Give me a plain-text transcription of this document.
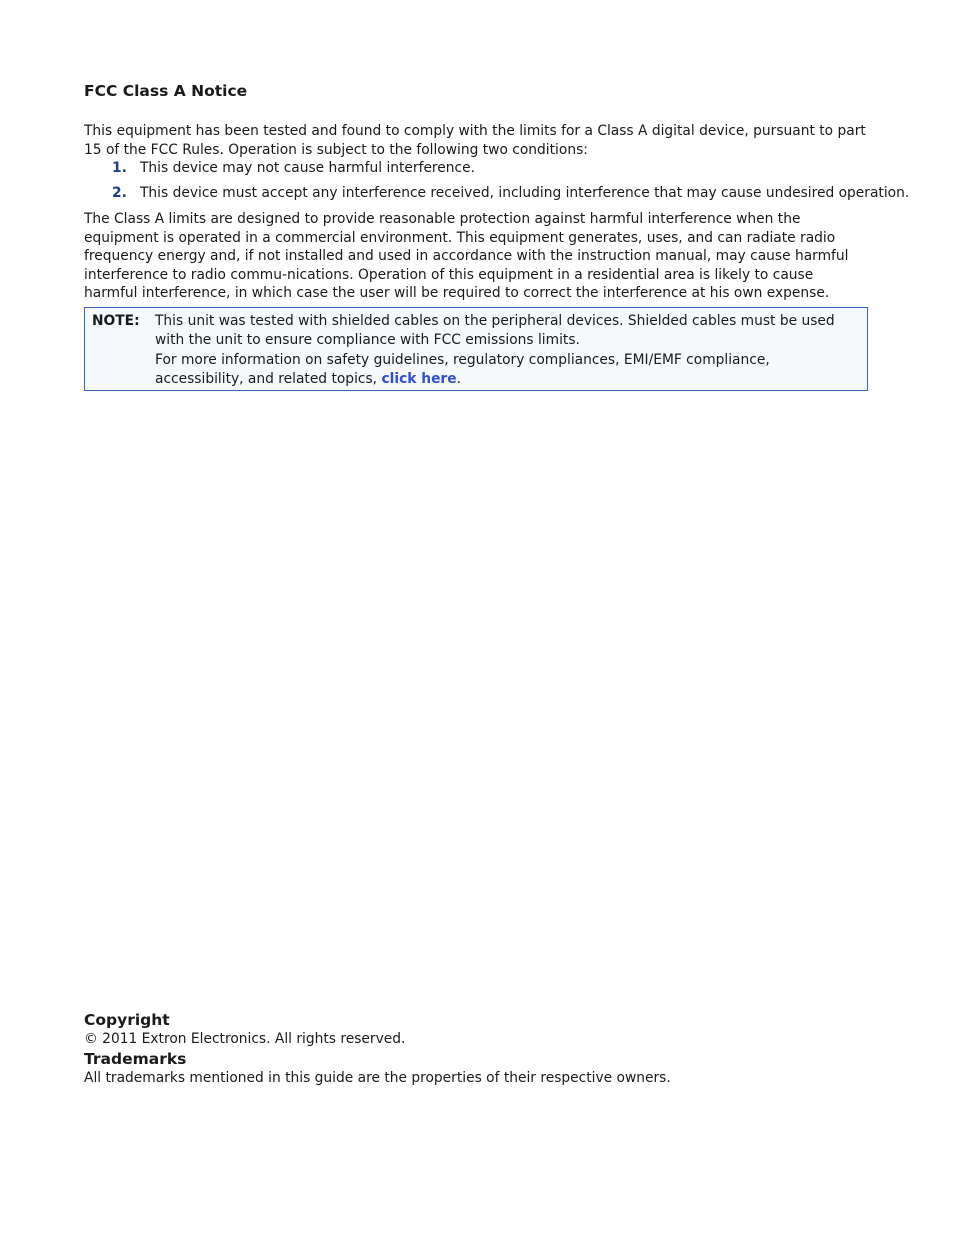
FCC Class A Notice

This equipment has been tested and found to comply with the limits for a Class A digital device, pursuant to part 15 of the FCC Rules. Operation is subject to the following two conditions:

1. This device may not cause harmful interference.
2. This device must accept any interference received, including interference that may cause undesired operation.

The Class A limits are designed to provide reasonable protection against harmful interference when the equipment is operated in a commercial environment. This equipment generates, uses, and can radiate radio frequency energy and, if not installed and used in accordance with the instruction manual, may cause harmful interference to radio commu-nications. Operation of this equipment in a residential area is likely to cause harmful interference, in which case the user will be required to correct the interference at his own expense.

NOTE: This unit was tested with shielded cables on the peripheral devices. Shielded cables must be used with the unit to ensure compliance with FCC emissions limits.
For more information on safety guidelines, regulatory compliances, EMI/EMF compliance, accessibility, and related topics, click here.
Copyright

© 2011 Extron Electronics. All rights reserved.

Trademarks

All trademarks mentioned in this guide are the properties of their respective owners.
